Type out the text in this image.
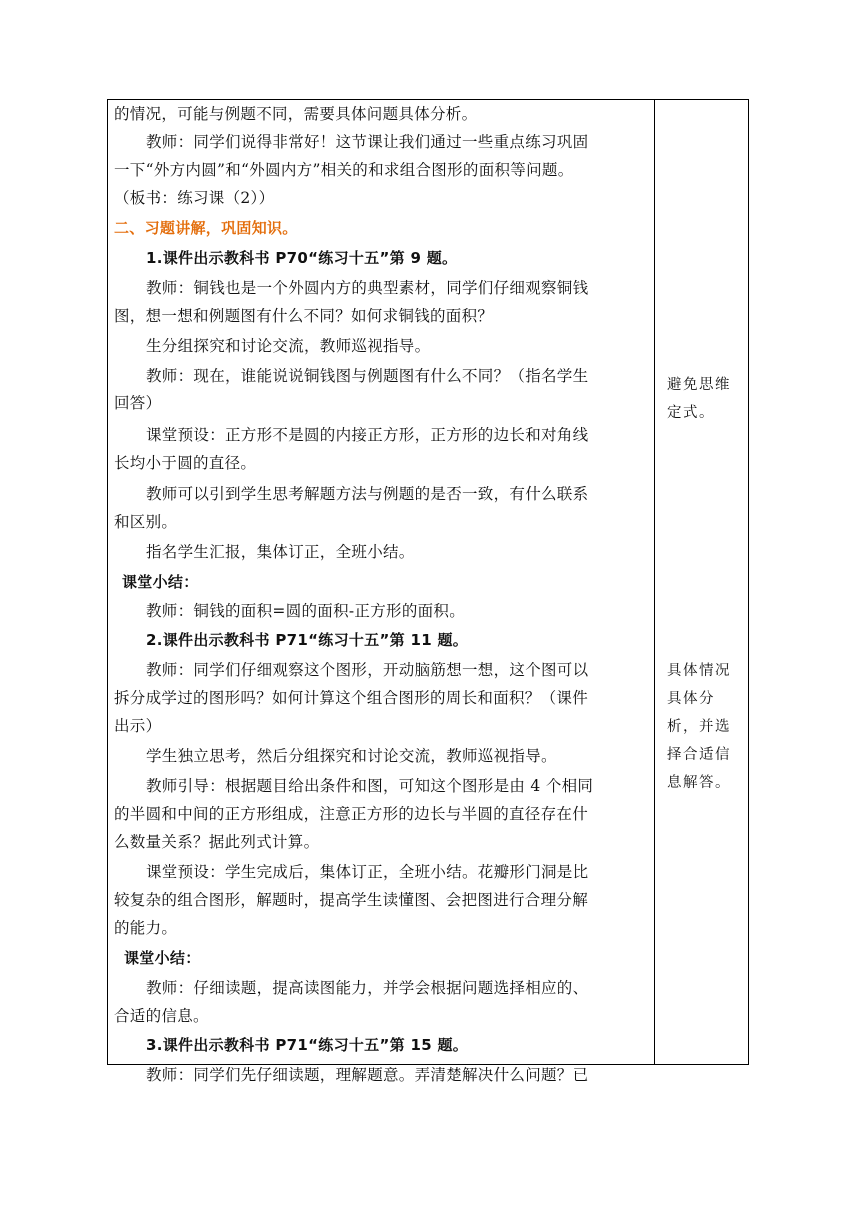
的情况，可能与例题不同，需要具体问题具体分析。
教师：同学们说得非常好！这节课让我们通过一些重点练习巩固
一下“外方内圆”和“外圆内方”相关的和求组合图形的面积等问题。
（板书：练习课（2））
二、习题讲解，巩固知识。
1.课件出示教科书 P70“练习十五”第 9 题。
教师：铜钱也是一个外圆内方的典型素材，同学们仔细观察铜钱
图，想一想和例题图有什么不同？如何求铜钱的面积？
生分组探究和讨论交流，教师巡视指导。
教师：现在，谁能说说铜钱图与例题图有什么不同？（指名学生
回答）
课堂预设：正方形不是圆的内接正方形，正方形的边长和对角线
长均小于圆的直径。
教师可以引到学生思考解题方法与例题的是否一致，有什么联系
和区别。
指名学生汇报，集体订正，全班小结。
课堂小结：
教师：铜钱的面积=圆的面积-正方形的面积。
2.课件出示教科书 P71“练习十五”第 11 题。
教师：同学们仔细观察这个图形，开动脑筋想一想，这个图可以
拆分成学过的图形吗？如何计算这个组合图形的周长和面积？（课件
出示）
学生独立思考，然后分组探究和讨论交流，教师巡视指导。
教师引导：根据题目给出条件和图，可知这个图形是由 4 个相同
的半圆和中间的正方形组成，注意正方形的边长与半圆的直径存在什
么数量关系？据此列式计算。
课堂预设：学生完成后，集体订正，全班小结。花瓣形门洞是比
较复杂的组合图形，解题时，提高学生读懂图、会把图进行合理分解
的能力。
课堂小结：
教师：仔细读题，提高读图能力，并学会根据问题选择相应的、
合适的信息。
3.课件出示教科书 P71“练习十五”第 15 题。
教师：同学们先仔细读题，理解题意。弄清楚解决什么问题？已
避免思维
定式。
具体情况
具体分
析，并选
择合适信
息解答。
